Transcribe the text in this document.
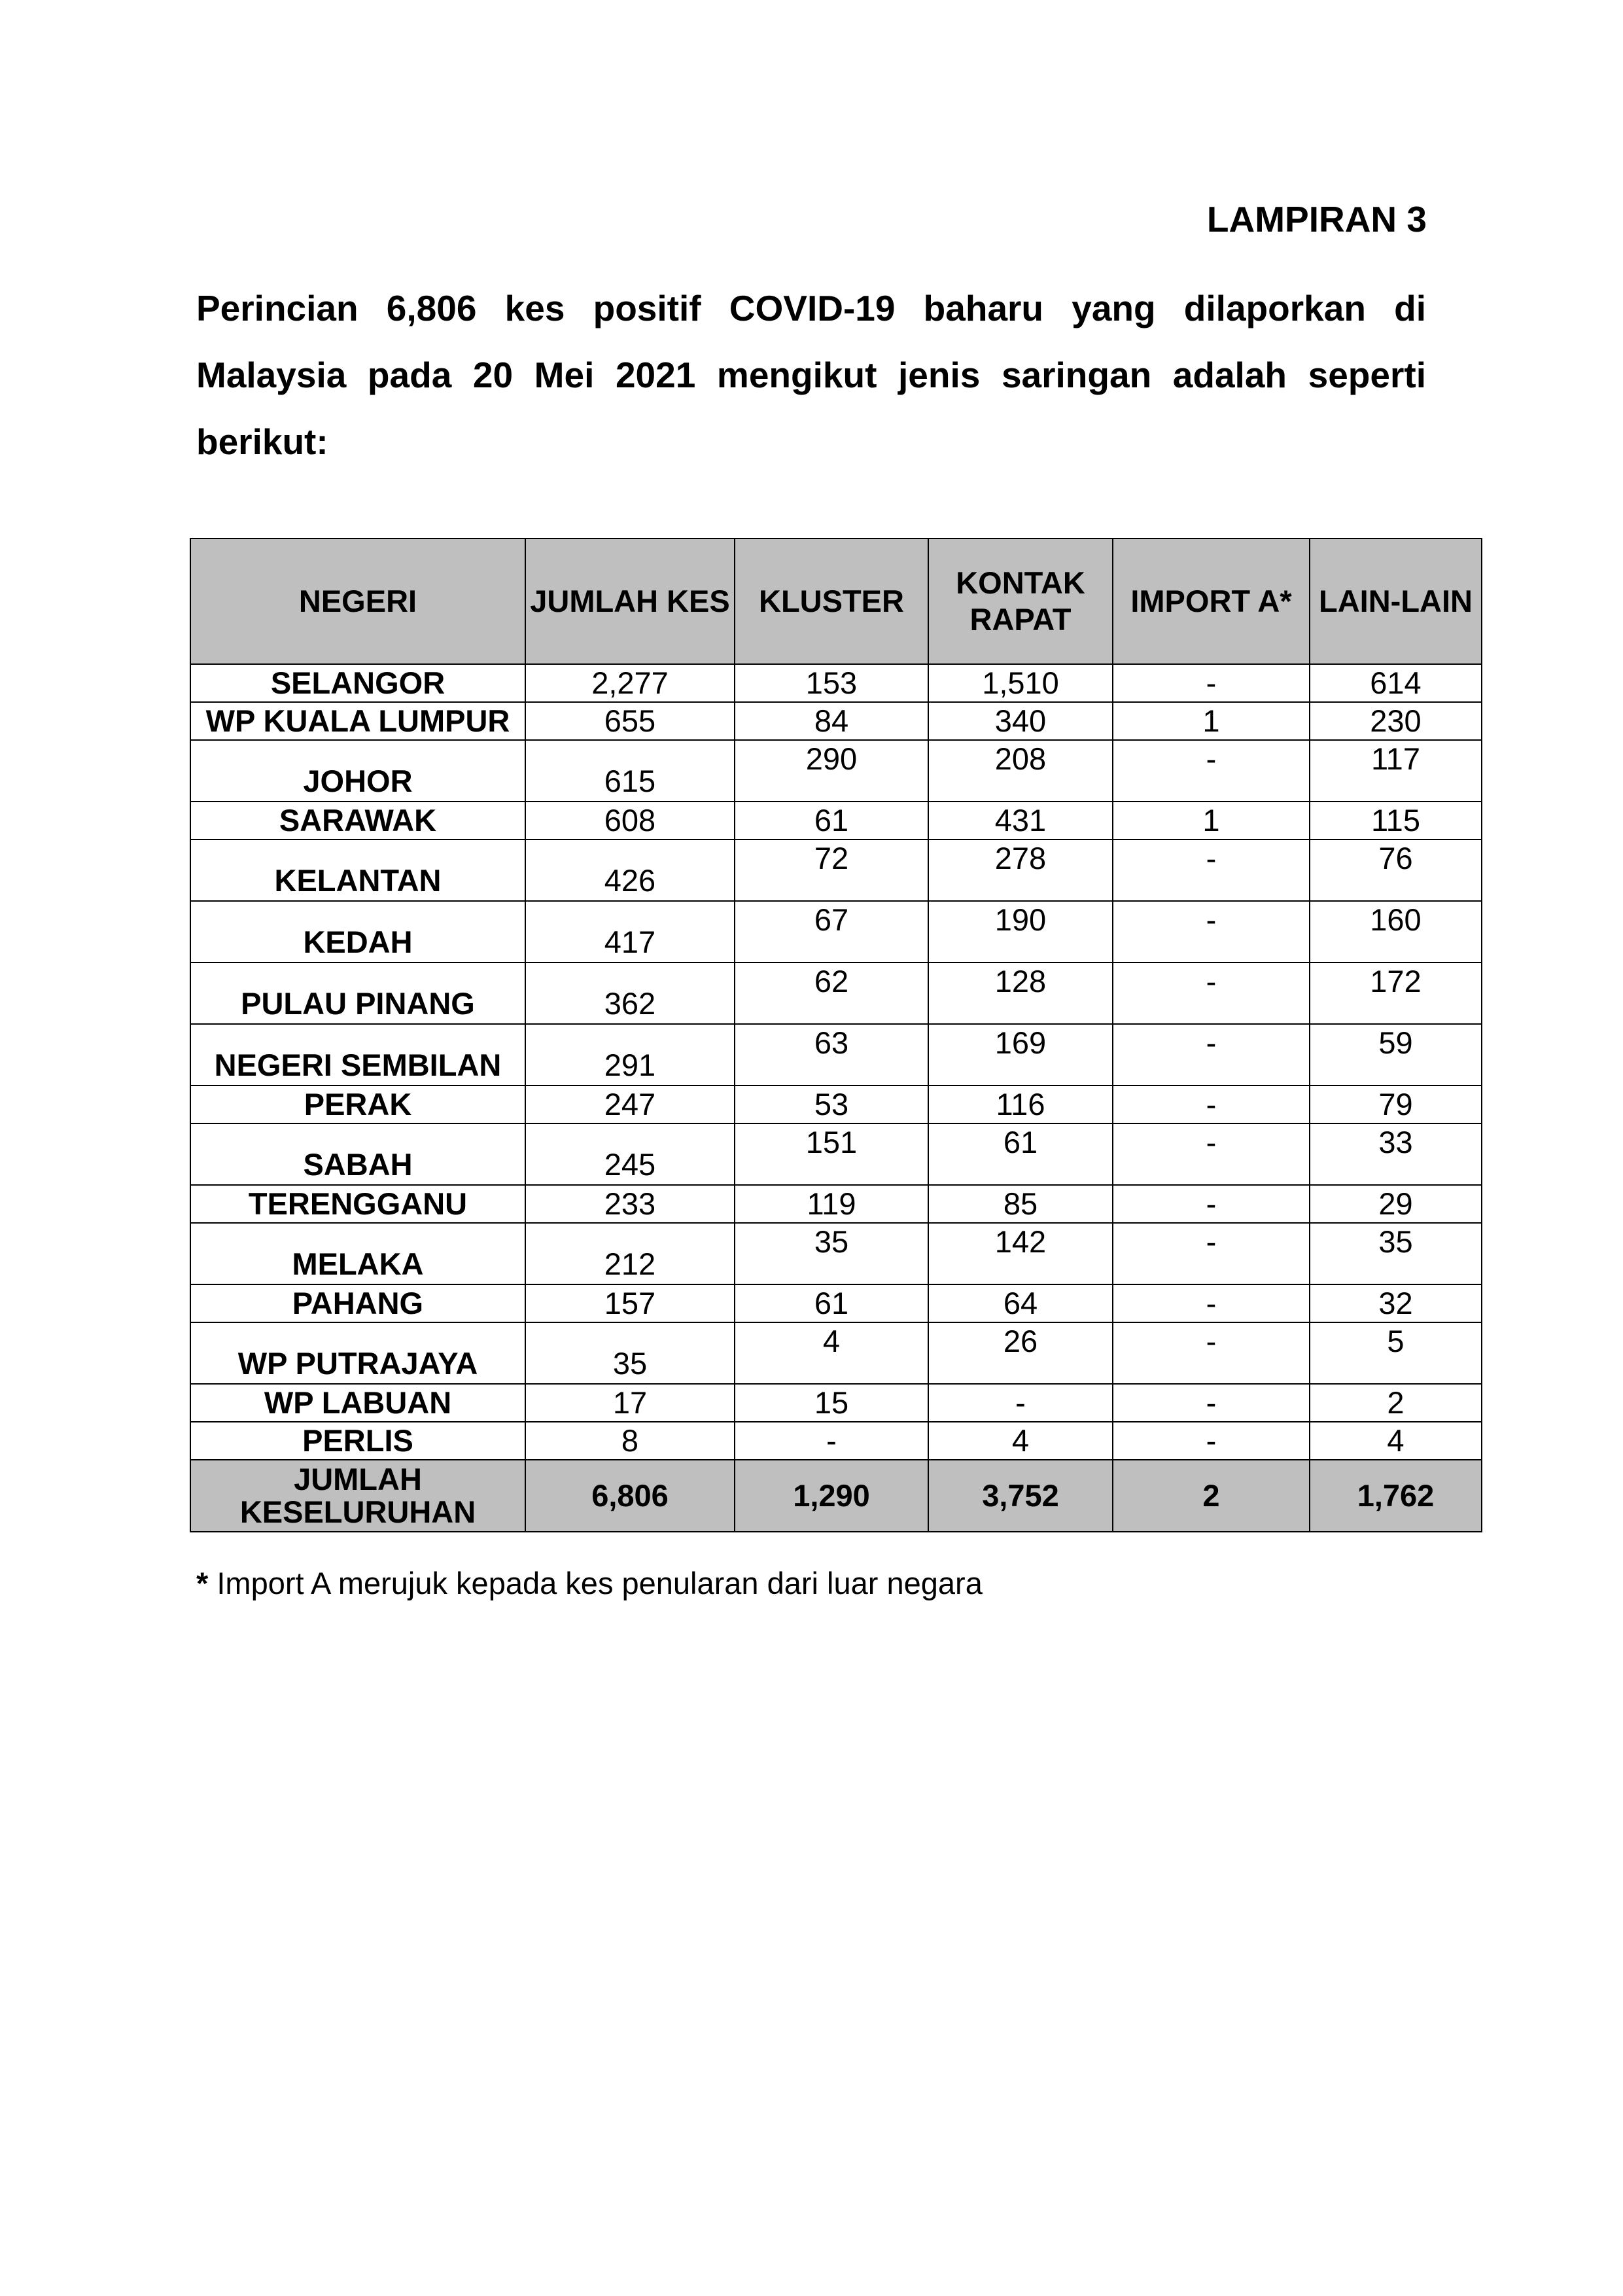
LAMPIRAN 3

Perincian 6,806 kes positif COVID-19 baharu yang dilaporkan di Malaysia pada 20 Mei 2021 mengikut jenis saringan adalah seperti berikut:

NEGERI	JUMLAH KES	KLUSTER	KONTAK RAPAT	IMPORT A*	LAIN-LAIN
SELANGOR	2,277	153	1,510	-	614
WP KUALA LUMPUR	655	84	340	1	230
JOHOR	615	290	208	-	117
SARAWAK	608	61	431	1	115
KELANTAN	426	72	278	-	76
KEDAH	417	67	190	-	160
PULAU PINANG	362	62	128	-	172
NEGERI SEMBILAN	291	63	169	-	59
PERAK	247	53	116	-	79
SABAH	245	151	61	-	33
TERENGGANU	233	119	85	-	29
MELAKA	212	35	142	-	35
PAHANG	157	61	64	-	32
WP PUTRAJAYA	35	4	26	-	5
WP LABUAN	17	15	-	-	2
PERLIS	8	-	4	-	4
JUMLAH KESELURUHAN	6,806	1,290	3,752	2	1,762
* Import A merujuk kepada kes penularan dari luar negara
